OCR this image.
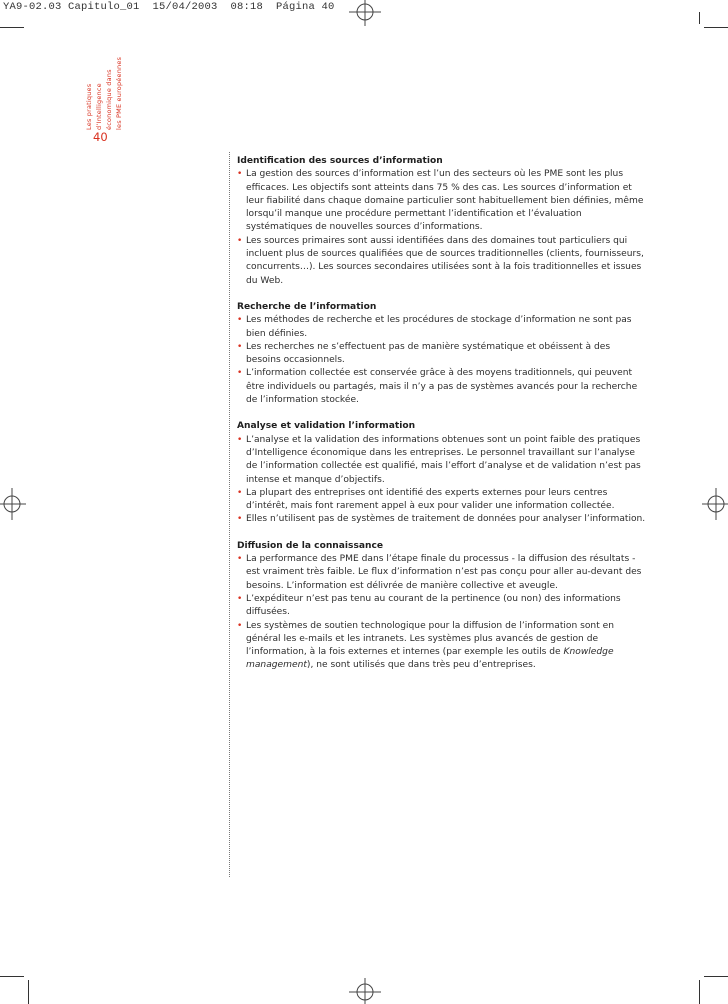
YA9-02.03 Capitulo_01  15/04/2003  08:18  Página 40
Les pratiques d’Intelligence économique dans les PME européennes
40
Identification des sources d’information
• La gestion des sources d’information est l’un des secteurs où les PME sont les plus efficaces. Les objectifs sont atteints dans 75 % des cas. Les sources d’information et leur fiabilité dans chaque domaine particulier sont habituellement bien définies, même lorsqu’il manque une procédure permettant l’identification et l’évaluation systématiques de nouvelles sources d’informations.
• Les sources primaires sont aussi identifiées dans des domaines tout particuliers qui incluent plus de sources qualifiées que de sources traditionnelles (clients, fournisseurs, concurrents…). Les sources secondaires utilisées sont à la fois traditionnelles et issues du Web.
Recherche de l’information
• Les méthodes de recherche et les procédures de stockage d’information ne sont pas bien définies.
• Les recherches ne s’effectuent pas de manière systématique et obéissent à des besoins occasionnels.
• L’information collectée est conservée grâce à des moyens traditionnels, qui peuvent être individuels ou partagés, mais il n’y a pas de systèmes avancés pour la recherche de l’information stockée.
Analyse et validation l’information
• L’analyse et la validation des informations obtenues sont un point faible des pratiques d’Intelligence économique dans les entreprises. Le personnel travaillant sur l’analyse de l’information collectée est qualifié, mais l’effort d’analyse et de validation n’est pas intense et manque d’objectifs.
• La plupart des entreprises ont identifié des experts externes pour leurs centres d’intérêt, mais font rarement appel à eux pour valider une information collectée.
• Elles n’utilisent pas de systèmes de traitement de données pour analyser l’information.
Diffusion de la connaissance
• La performance des PME dans l’étape finale du processus - la diffusion des résultats - est vraiment très faible. Le flux d’information n’est pas conçu pour aller au-devant des besoins. L’information est délivrée de manière collective et aveugle.
• L’expéditeur n’est pas tenu au courant de la pertinence (ou non) des informations diffusées.
• Les systèmes de soutien technologique pour la diffusion de l’information sont en général les e-mails et les intranets. Les systèmes plus avancés de gestion de l’information, à la fois externes et internes (par exemple les outils de Knowledge management), ne sont utilisés que dans très peu d’entreprises.
